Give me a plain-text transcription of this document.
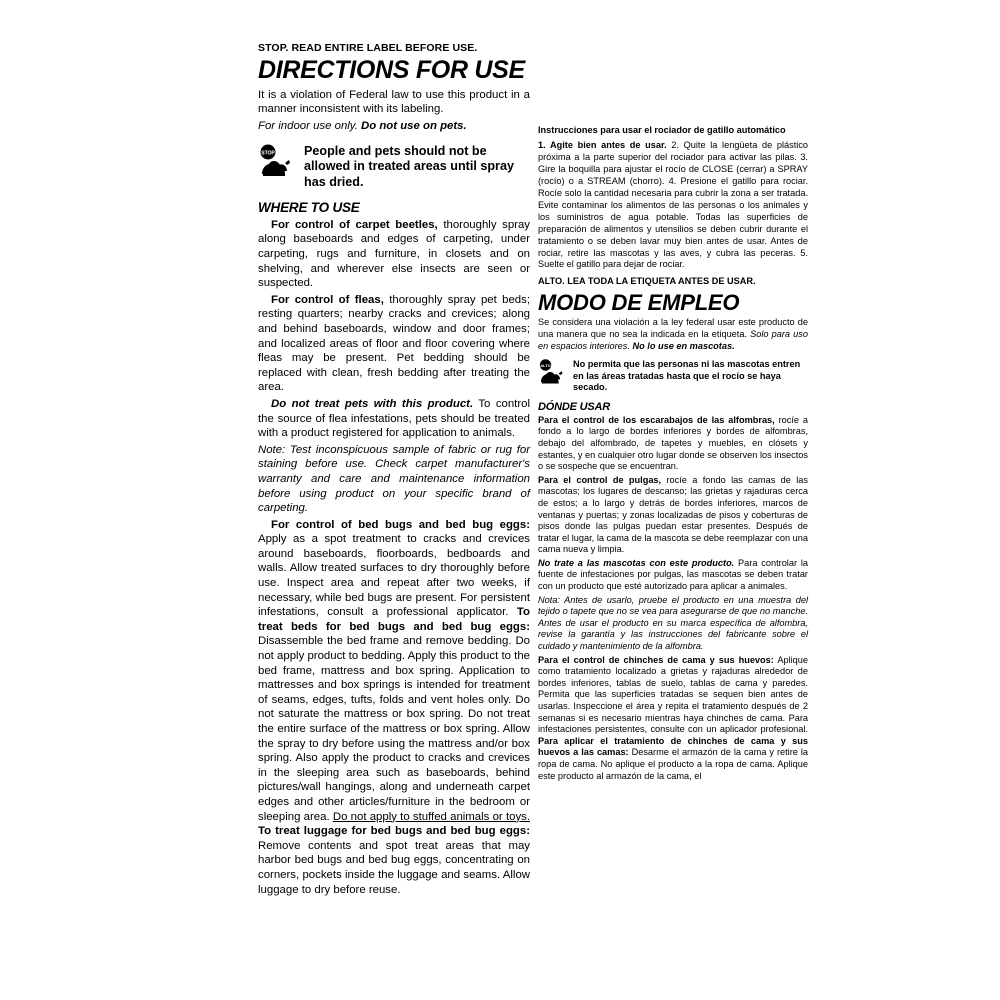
STOP. READ ENTIRE LABEL BEFORE USE.
DIRECTIONS FOR USE

It is a violation of Federal law to use this product in a manner inconsistent with its labeling.

For indoor use only. Do not use on pets.

STOP People and pets should not be allowed in treated areas until spray has dried.
WHERE TO USE

For control of carpet beetles, thoroughly spray along baseboards and edges of carpeting, under carpeting, rugs and furniture, in closets and on shelving, and wherever else insects are seen or suspected.

For control of fleas, thoroughly spray pet beds; resting quarters; nearby cracks and crevices; along and behind baseboards, window and door frames; and localized areas of floor and floor covering where fleas may be present. Pet bedding should be replaced with clean, fresh bedding after treating the area.

Do not treat pets with this product. To control the source of flea infestations, pets should be treated with a product registered for application to animals.

Note: Test inconspicuous sample of fabric or rug for staining before use. Check carpet manufacturer's warranty and care and maintenance information before using product on your specific brand of carpeting.

For control of bed bugs and bed bug eggs: Apply as a spot treatment to cracks and crevices around baseboards, floorboards, bedboards and walls. Allow treated surfaces to dry thoroughly before use. Inspect area and repeat after two weeks, if necessary, while bed bugs are present. For persistent infestations, consult a professional applicator. To treat beds for bed bugs and bed bug eggs: Disassemble the bed frame and remove bedding. Do not apply product to bedding. Apply this product to the bed frame, mattress and box spring. Application to mattresses and box springs is intended for treatment of seams, edges, tufts, folds and vent holes only. Do not saturate the mattress or box spring. Do not treat the entire surface of the mattress or box spring. Allow the spray to dry before using the mattress and/or box spring. Also apply the product to cracks and crevices in the sleeping area such as baseboards, behind pictures/wall hangings, along and underneath carpet edges and other articles/furniture in the bedroom or sleeping area. Do not apply to stuffed animals or toys. To treat luggage for bed bugs and bed bug eggs: Remove contents and spot treat areas that may harbor bed bugs and bed bug eggs, concentrating on corners, pockets inside the luggage and seams. Allow luggage to dry before reuse.

Instrucciones para usar el rociador de gatillo automático

1. Agite bien antes de usar. 2. Quite la lengüeta de plástico próxima a la parte superior del rociador para activar las pilas. 3. Gire la boquilla para ajustar el rocío de CLOSE (cerrar) a SPRAY (rocío) o a STREAM (chorro). 4. Presione el gatillo para rociar. Rocíe solo la cantidad necesaria para cubrir la zona a ser tratada. Evite contaminar los alimentos de las personas o los animales y los suministros de agua potable. Todas las superficies de preparación de alimentos y utensilios se deben cubrir durante el tratamiento o se deben lavar muy bien antes de usar. Antes de rociar, retire las mascotas y las aves, y cubra las peceras. 5. Suelte el gatillo para dejar de rociar.

ALTO. LEA TODA LA ETIQUETA ANTES DE USAR.
MODO DE EMPLEO

Se considera una violación a la ley federal usar este producto de una manera que no sea la indicada en la etiqueta. Solo para uso en espacios interiores. No lo use en mascotas.

ALTO No permita que las personas ni las mascotas entren en las áreas tratadas hasta que el rocío se haya secado.
DÓNDE USAR

Para el control de los escarabajos de las alfombras, rocíe a fondo a lo largo de bordes inferiores y bordes de alfombras, debajo del alfombrado, de tapetes y muebles, en clósets y estantes, y en cualquier otro lugar donde se observen los insectos o se sospeche que se encuentran.

Para el control de pulgas, rocíe a fondo las camas de las mascotas; los lugares de descanso; las grietas y rajaduras cerca de estos; a lo largo y detrás de bordes inferiores, marcos de ventanas y puertas; y zonas localizadas de pisos y coberturas de pisos donde las pulgas puedan estar presentes. Después de tratar el lugar, la cama de la mascota se debe reemplazar con una cama nueva y limpia.

No trate a las mascotas con este producto. Para controlar la fuente de infestaciones por pulgas, las mascotas se deben tratar con un producto que esté autorizado para aplicar a animales.

Nota: Antes de usarlo, pruebe el producto en una muestra del tejido o tapete que no se vea para asegurarse de que no manche. Antes de usar el producto en su marca específica de alfombra, revise la garantía y las instrucciones del fabricante sobre el cuidado y mantenimiento de la alfombra.

Para el control de chinches de cama y sus huevos: Aplique como tratamiento localizado a grietas y rajaduras alrededor de bordes inferiores, tablas de suelo, tablas de cama y paredes. Permita que las superficies tratadas se sequen bien antes de usarlas. Inspeccione el área y repita el tratamiento después de 2 semanas si es necesario mientras haya chinches de cama. Para infestaciones persistentes, consulte con un aplicador profesional. Para aplicar el tratamiento de chinches de cama y sus huevos a las camas: Desarme el armazón de la cama y retire la ropa de cama. No aplique el producto a la ropa de cama. Aplique este producto al armazón de la cama, el
